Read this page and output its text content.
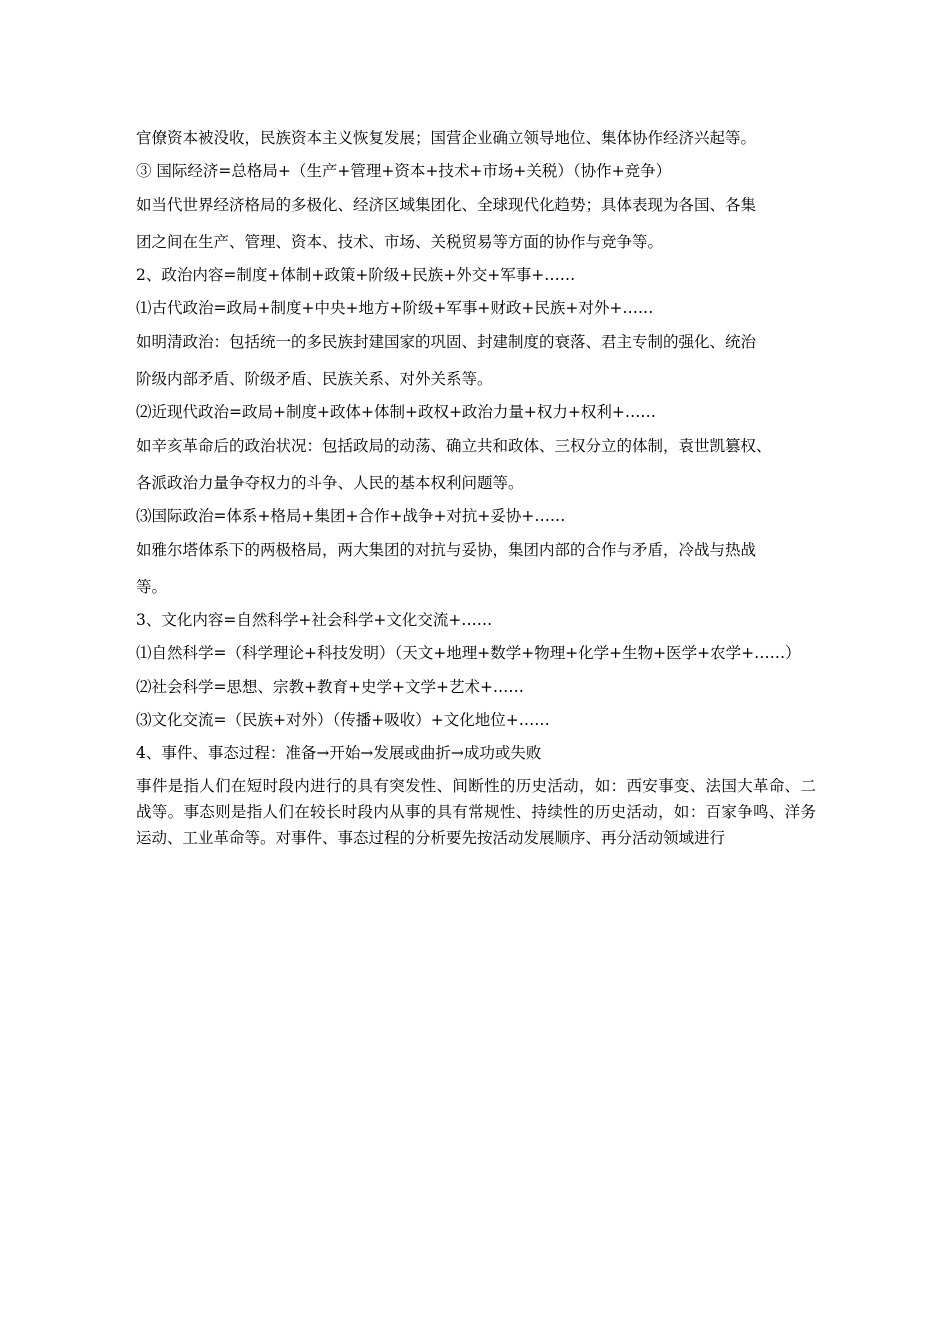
官僚资本被没收，民族资本主义恢复发展；国营企业确立领导地位、集体协作经济兴起等。
③ 国际经济=总格局+（生产+管理+资本+技术+市场+关税）（协作+竞争）
如当代世界经济格局的多极化、经济区域集团化、全球现代化趋势；具体表现为各国、各集
团之间在生产、管理、资本、技术、市场、关税贸易等方面的协作与竞争等。
2、政治内容=制度+体制+政策+阶级+民族+外交+军事+……
⑴古代政治=政局+制度+中央+地方+阶级+军事+财政+民族+对外+……
如明清政治：包括统一的多民族封建国家的巩固、封建制度的衰落、君主专制的强化、统治
阶级内部矛盾、阶级矛盾、民族关系、对外关系等。
⑵近现代政治=政局+制度+政体+体制+政权+政治力量+权力+权利+……
如辛亥革命后的政治状况：包括政局的动荡、确立共和政体、三权分立的体制，袁世凯篡权、
各派政治力量争夺权力的斗争、人民的基本权利问题等。
⑶国际政治=体系+格局+集团+合作+战争+对抗+妥协+……
如雅尔塔体系下的两极格局，两大集团的对抗与妥协，集团内部的合作与矛盾，冷战与热战
等。
3、文化内容=自然科学+社会科学+文化交流+……
⑴自然科学=（科学理论+科技发明）（天文+地理+数学+物理+化学+生物+医学+农学+……）
⑵社会科学=思想、宗教+教育+史学+文学+艺术+……
⑶文化交流=（民族+对外）（传播+吸收）+文化地位+……
4、事件、事态过程：准备→开始→发展或曲折→成功或失败
事件是指人们在短时段内进行的具有突发性、间断性的历史活动，如：西安事变、法国大革命、二战等。事态则是指人们在较长时段内从事的具有常规性、持续性的历史活动，如：百家争鸣、洋务运动、工业革命等。对事件、事态过程的分析要先按活动发展顺序、再分活动领域进行
